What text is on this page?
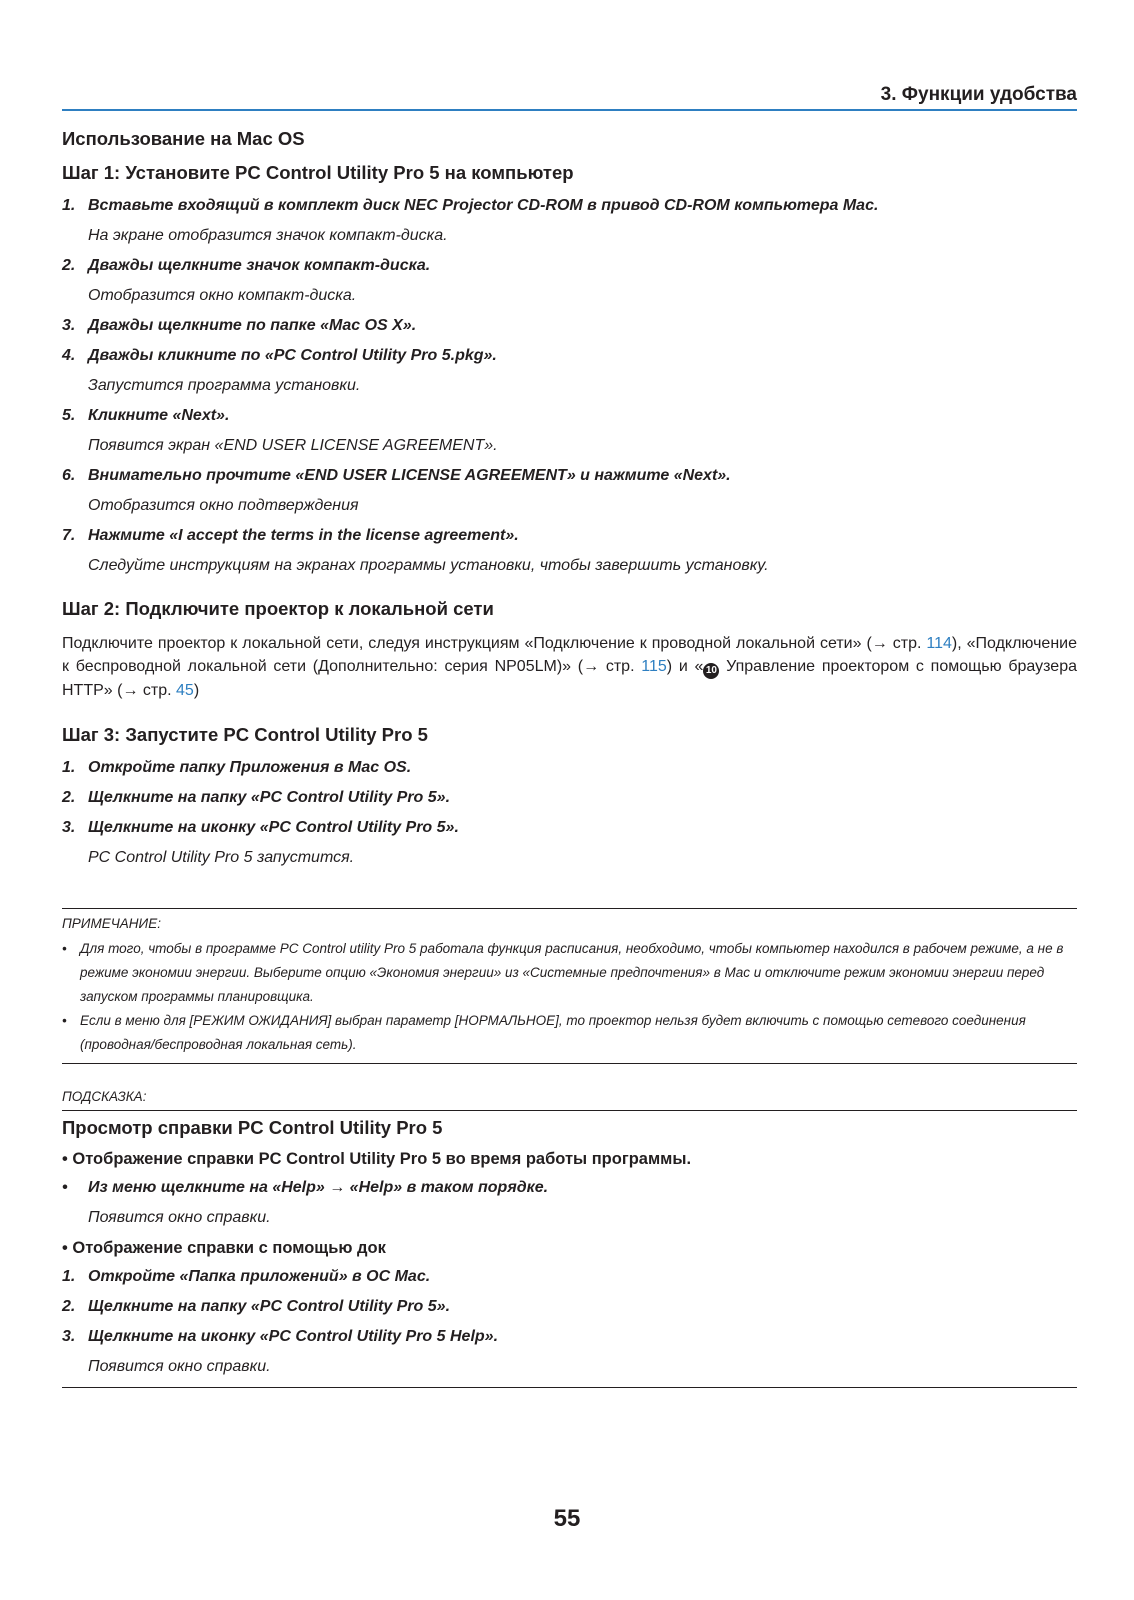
3. Функции удобства
Использование на Mac OS
Шаг 1: Установите PC Control Utility Pro 5 на компьютер
1. Вставьте входящий в комплект диск NEC Projector CD-ROM в привод CD-ROM компьютера Mac.
На экране отобразится значок компакт-диска.
2. Дважды щелкните значок компакт-диска.
Отобразится окно компакт-диска.
3. Дважды щелкните по папке «Mac OS X».
4. Дважды кликните по «PC Control Utility Pro 5.pkg».
Запустится программа установки.
5. Кликните «Next».
Появится экран «END USER LICENSE AGREEMENT».
6. Внимательно прочтите «END USER LICENSE AGREEMENT» и нажмите «Next».
Отобразится окно подтверждения
7. Нажмите «I accept the terms in the license agreement».
Следуйте инструкциям на экранах программы установки, чтобы завершить установку.
Шаг 2: Подключите проектор к локальной сети
Подключите проектор к локальной сети, следуя инструкциям «Подключение к проводной локальной сети» (→ стр. 114), «Подключение к беспроводной локальной сети (Дополнительно: серия NP05LM)» (→ стр. 115) и « 10 Управление проектором с помощью браузера HTTP» (→ стр. 45)
Шаг 3: Запустите PC Control Utility Pro 5
1. Откройте папку Приложения в Mac OS.
2. Щелкните на папку «PC Control Utility Pro 5».
3. Щелкните на иконку «PC Control Utility Pro 5».
PC Control Utility Pro 5 запустится.
ПРИМЕЧАНИЕ:
• Для того, чтобы в программе PC Control utility Pro 5 работала функция расписания, необходимо, чтобы компьютер находился в рабочем режиме, а не в режиме экономии энергии. Выберите опцию «Экономия энергии» из «Системные предпочтения» в Mac и отключите режим экономии энергии перед запуском программы планировщика.
• Если в меню для [РЕЖИМ ОЖИДАНИЯ] выбран параметр [НОРМАЛЬНОЕ], то проектор нельзя будет включить с помощью сетевого соединения (проводная/беспроводная локальная сеть).
ПОДСКАЗКА:
Просмотр справки PC Control Utility Pro 5
• Отображение справки PC Control Utility Pro 5 во время работы программы.
•	Из меню щелкните на «Help» → «Help» в таком порядке.
Появится окно справки.
• Отображение справки с помощью док
1. Откройте «Папка приложений» в ОС Mac.
2. Щелкните на папку «PC Control Utility Pro 5».
3. Щелкните на иконку «PC Control Utility Pro 5 Help».
Появится окно справки.
55
